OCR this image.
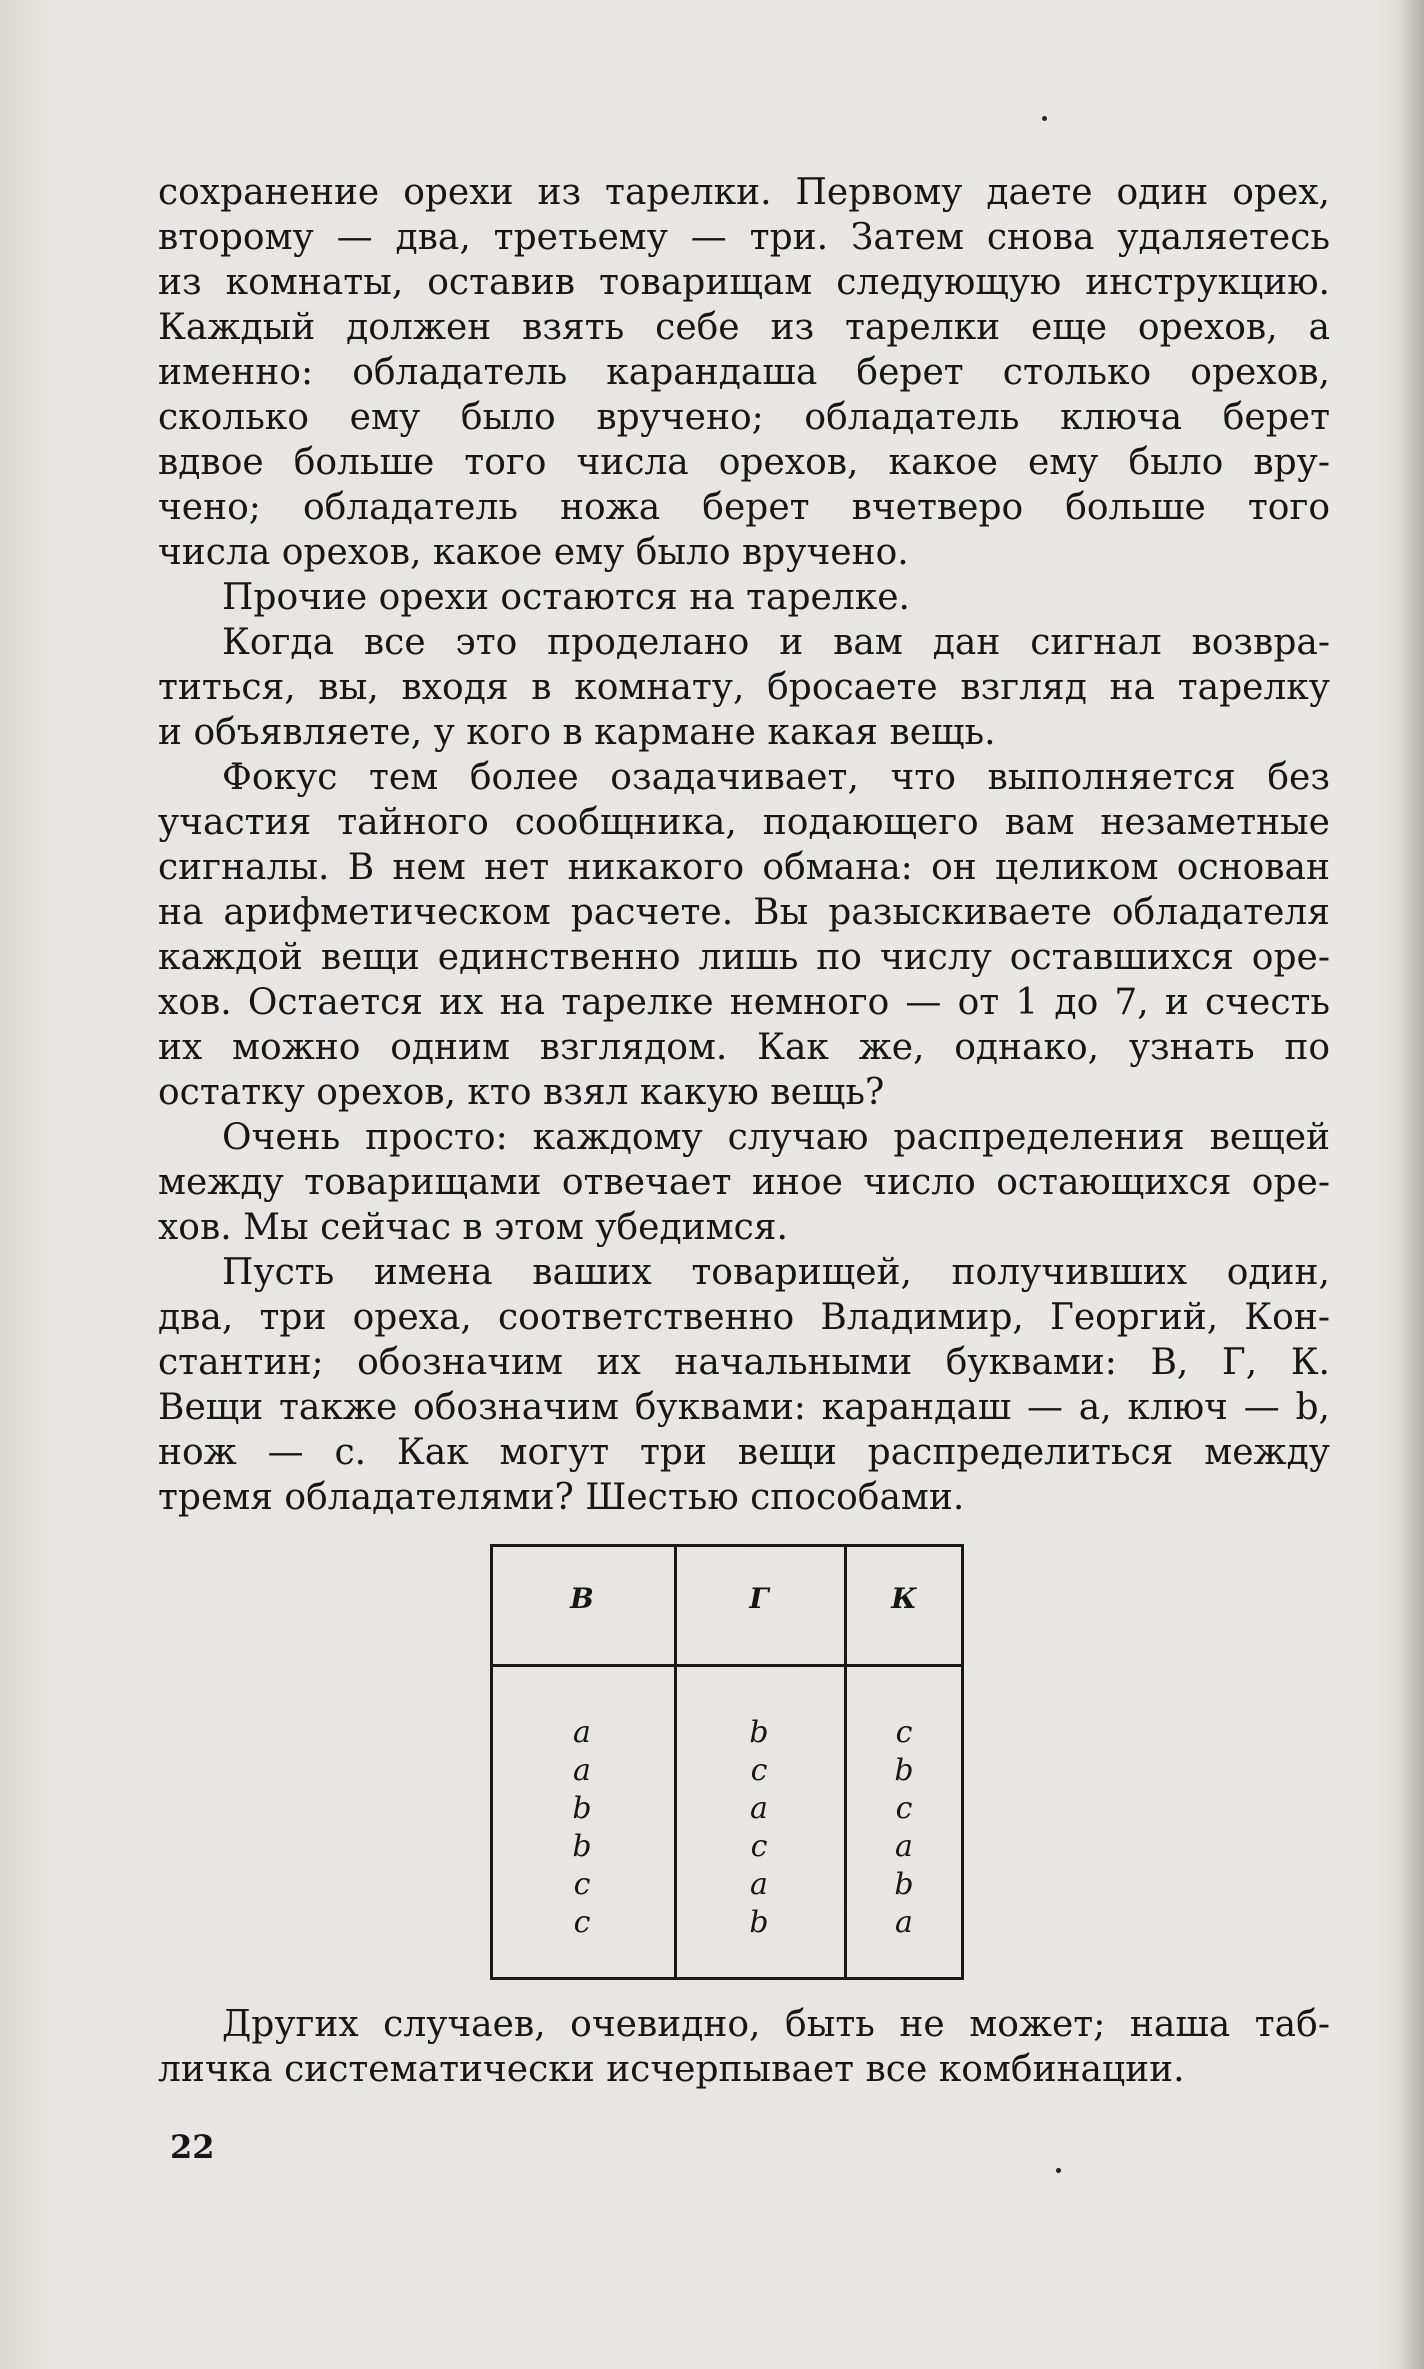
сохранение орехи из тарелки. Первому даете один орех,
второму — два, третьему — три. Затем снова удаляетесь
из комнаты, оставив товарищам следующую инструкцию.
Каждый должен взять себе из тарелки еще орехов, а
именно: обладатель карандаша берет столько орехов,
сколько ему было вручено; обладатель ключа берет
вдвое больше того числа орехов, какое ему было вру-
чено; обладатель ножа берет вчетверо больше того
числа орехов, какое ему было вручено.
Прочие орехи остаются на тарелке.
Когда все это проделано и вам дан сигнал возвра-
титься, вы, входя в комнату, бросаете взгляд на тарелку
и объявляете, у кого в кармане какая вещь.
Фокус тем более озадачивает, что выполняется без
участия тайного сообщника, подающего вам незаметные
сигналы. В нем нет никакого обмана: он целиком основан
на арифметическом расчете. Вы разыскиваете обладателя
каждой вещи единственно лишь по числу оставшихся оре-
хов. Остается их на тарелке немного — от 1 до 7, и счесть
их можно одним взглядом. Как же, однако, узнать по
остатку орехов, кто взял какую вещь?
Очень просто: каждому случаю распределения вещей
между товарищами отвечает иное число остающихся оре-
хов. Мы сейчас в этом убедимся.
Пусть имена ваших товарищей, получивших один,
два, три ореха, соответственно Владимир, Георгий, Кон-
стантин; обозначим их начальными буквами: В, Г, К.
Вещи также обозначим буквами: карандаш — a, ключ — b,
нож — c. Как могут три вещи распределиться между
тремя обладателями? Шестью способами.
В
a
a
b
b
c
c
Г
b
c
a
c
a
b
К
c
b
c
a
b
a
Других случаев, очевидно, быть не может; наша таб-
личка систематически исчерпывает все комбинации.
22
